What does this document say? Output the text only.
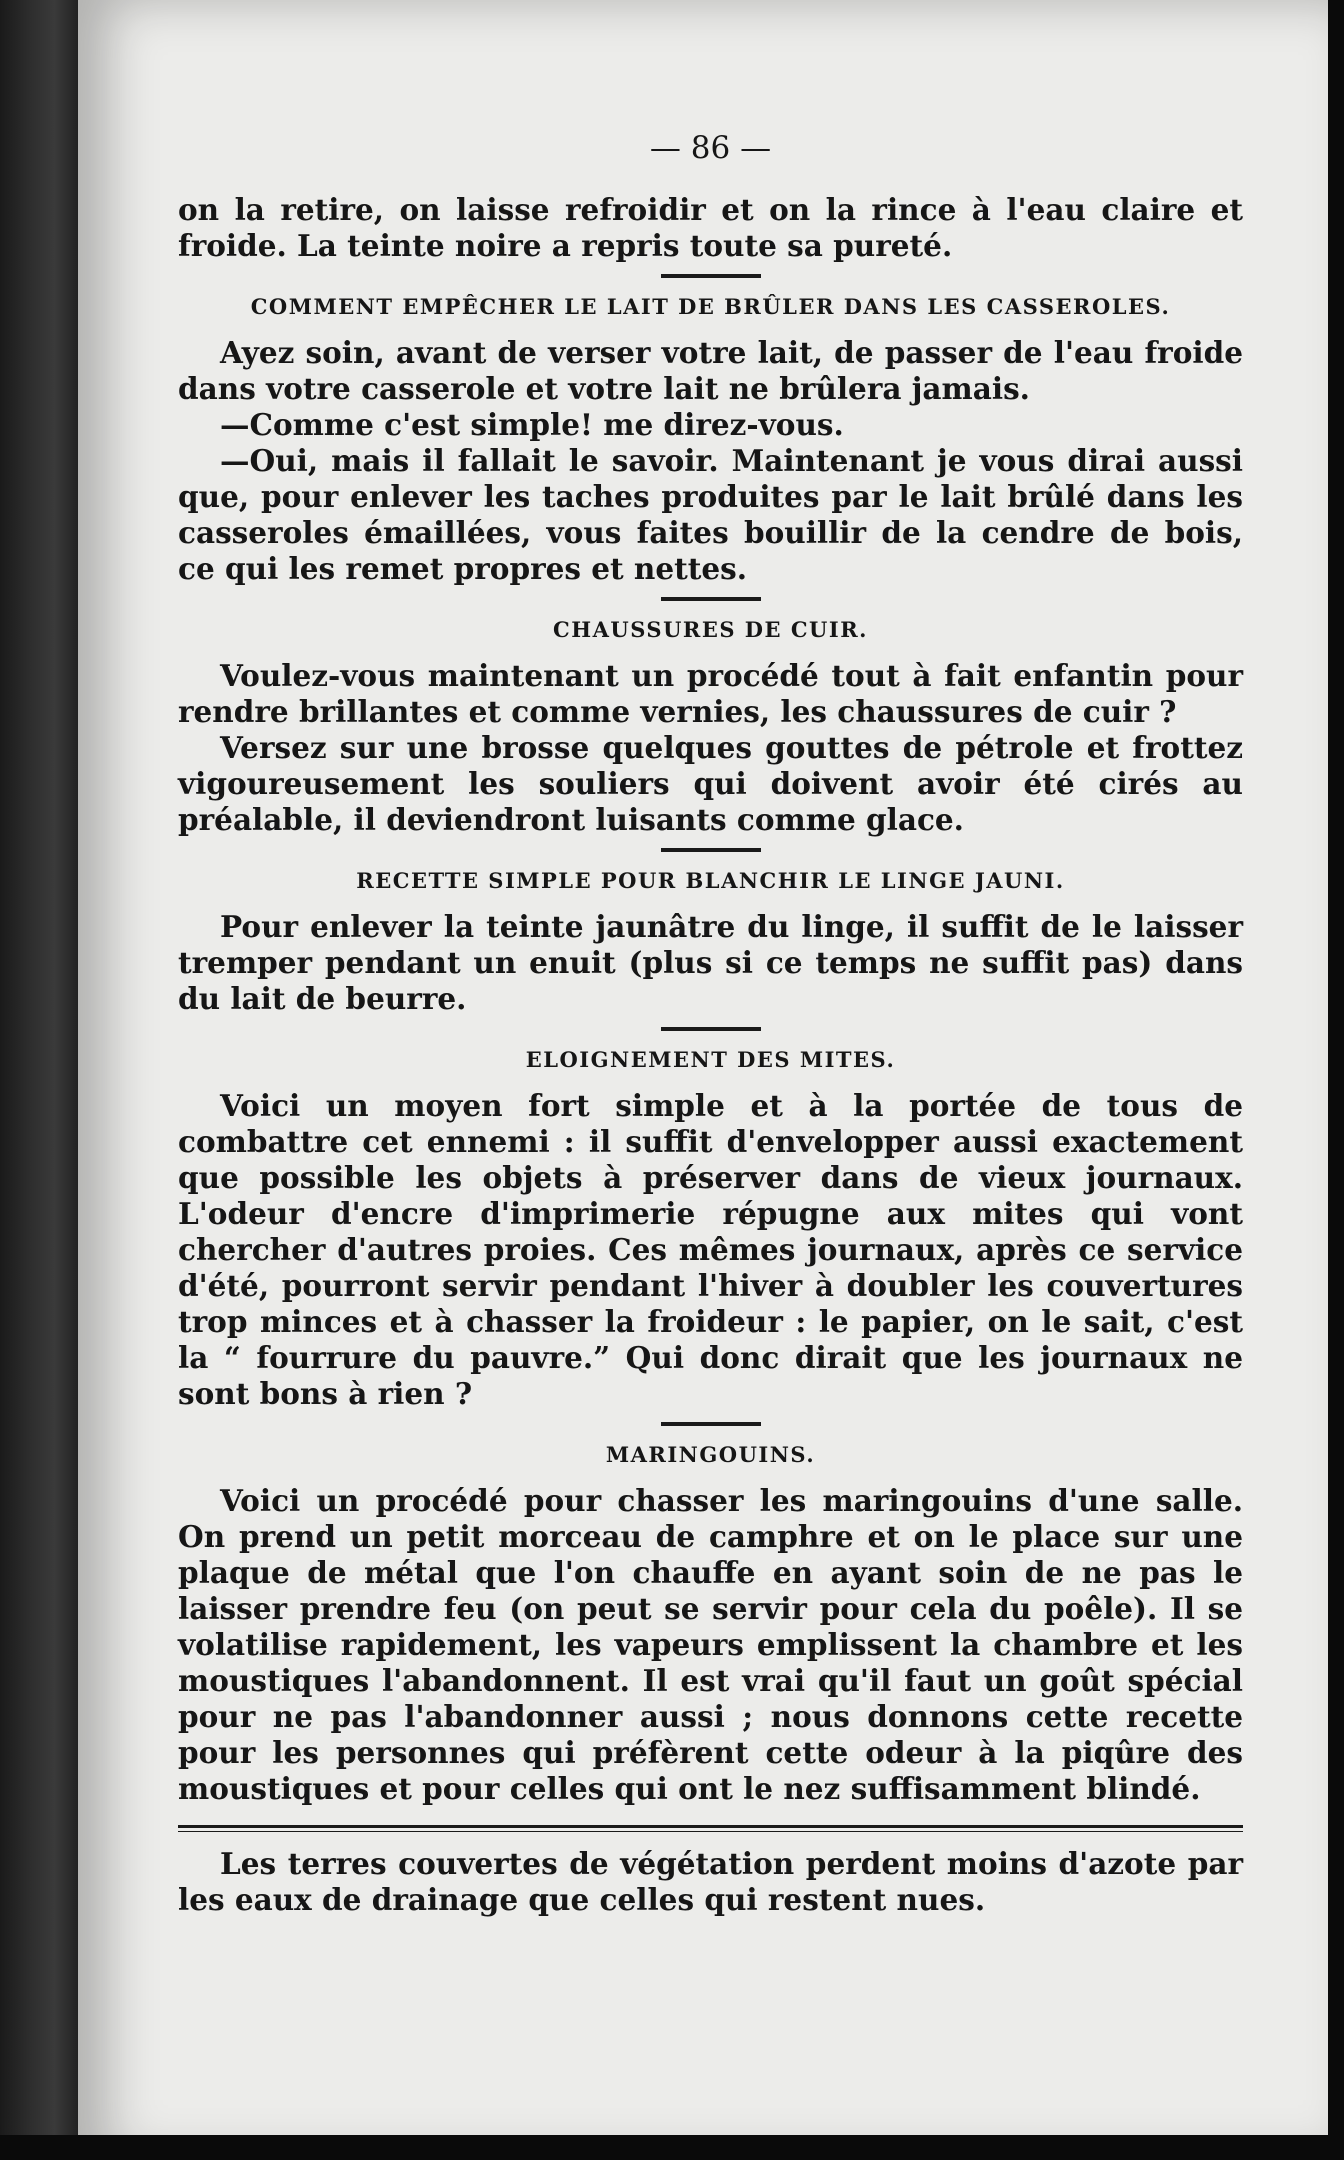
— 86 —

on la retire, on laisse refroidir et on la rince à l'eau claire et froide. La teinte noire a repris toute sa pureté.

COMMENT EMPÊCHER LE LAIT DE BRÛLER DANS LES CASSEROLES.

Ayez soin, avant de verser votre lait, de passer de l'eau froide dans votre casserole et votre lait ne brûlera jamais.

—Comme c'est simple! me direz-vous.

—Oui, mais il fallait le savoir. Maintenant je vous dirai aussi que, pour enlever les taches produites par le lait brûlé dans les casseroles émaillées, vous faites bouillir de la cendre de bois, ce qui les remet propres et nettes.

CHAUSSURES DE CUIR.

Voulez-vous maintenant un procédé tout à fait enfantin pour rendre brillantes et comme vernies, les chaussures de cuir ?

Versez sur une brosse quelques gouttes de pétrole et frottez vigoureusement les souliers qui doivent avoir été cirés au préalable, il deviendront luisants comme glace.

RECETTE SIMPLE POUR BLANCHIR LE LINGE JAUNI.

Pour enlever la teinte jaunâtre du linge, il suffit de le laisser tremper pendant un enuit (plus si ce temps ne suffit pas) dans du lait de beurre.

ELOIGNEMENT DES MITES.

Voici un moyen fort simple et à la portée de tous de combattre cet ennemi : il suffit d'envelopper aussi exactement que possible les objets à préserver dans de vieux journaux. L'odeur d'encre d'imprimerie répugne aux mites qui vont chercher d'autres proies. Ces mêmes journaux, après ce service d'été, pourront servir pendant l'hiver à doubler les couvertures trop minces et à chasser la froideur : le papier, on le sait, c'est la “ fourrure du pauvre.” Qui donc dirait que les journaux ne sont bons à rien ?

MARINGOUINS.

Voici un procédé pour chasser les maringouins d'une salle. On prend un petit morceau de camphre et on le place sur une plaque de métal que l'on chauffe en ayant soin de ne pas le laisser prendre feu (on peut se servir pour cela du poêle). Il se volatilise rapidement, les vapeurs emplissent la chambre et les moustiques l'abandonnent. Il est vrai qu'il faut un goût spécial pour ne pas l'abandonner aussi ; nous donnons cette recette pour les personnes qui préfèrent cette odeur à la piqûre des moustiques et pour celles qui ont le nez suffisamment blindé.

Les terres couvertes de végétation perdent moins d'azote par les eaux de drainage que celles qui restent nues.
